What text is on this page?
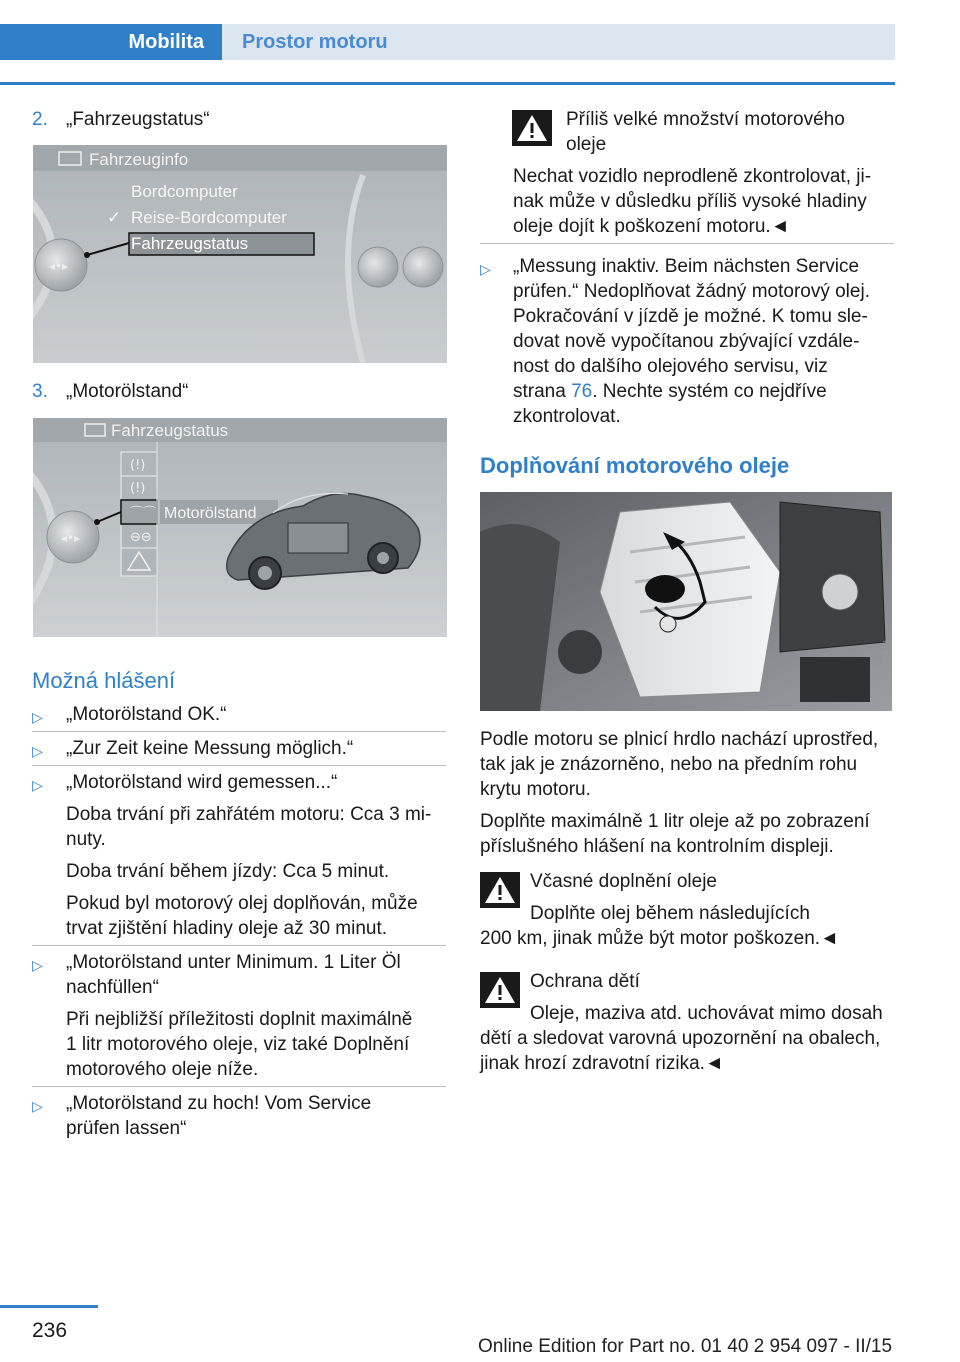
Mobilita	Prostor motoru
2. „Fahrzeugstatus“
◂•▸
Fahrzeuginfo
Bordcomputer
✓ Reise-Bordcomputer
Fahrzeugstatus
3. „Motorölstand“
◂•▸
(!)
(!)
⌒⌒
⊖⊖
Fahrzeugstatus
Motorölstand
Možná hlášení
▷ „Motorölstand OK.“
▷ „Zur Zeit keine Messung möglich.“
▷ „Motorölstand wird gemessen...“
Doba trvání při zahřátém motoru: Cca 3 mi‐
nuty.
Doba trvání během jízdy: Cca 5 minut.
Pokud byl motorový olej doplňován, může
trvat zjištění hladiny oleje až 30 minut.
▷ „Motorölstand unter Minimum. 1 Liter Öl
nachfüllen“
Při nejbližší příležitosti doplnit maximálně
1 litr motorového oleje, viz také Doplnění
motorového oleje níže.
▷ „Motorölstand zu hoch! Vom Service
prüfen lassen“
Příliš velké množství motorového
oleje
Nechat vozidlo neprodleně zkontrolovat, ji‐
nak může v důsledku příliš vysoké hladiny
oleje dojít k poškození motoru.◄
▷ „Messung inaktiv. Beim nächsten Service
prüfen.“ Nedoplňovat žádný motorový olej.
Pokračování v jízdě je možné. K tomu sle‐
dovat nově vypočítanou zbývající vzdále‐
nost do dalšího olejového servisu, viz
strana 76. Nechte systém co nejdříve
zkontrolovat.
Doplňování motorového oleje
MV09520CMA
Podle motoru se plnicí hrdlo nachází uprostřed,
tak jak je znázorněno, nebo na předním rohu
krytu motoru.
Doplňte maximálně 1 litr oleje až po zobrazení
příslušného hlášení na kontrolním displeji.
Včasné doplnění oleje
Doplňte olej během následujících
200 km, jinak může být motor poškozen.◄
Ochrana dětí
Oleje, maziva atd. uchovávat mimo dosah
dětí a sledovat varovná upozornění na obalech,
jinak hrozí zdravotní rizika.◄
236
Online Edition for Part no. 01 40 2 954 097 - II/15
